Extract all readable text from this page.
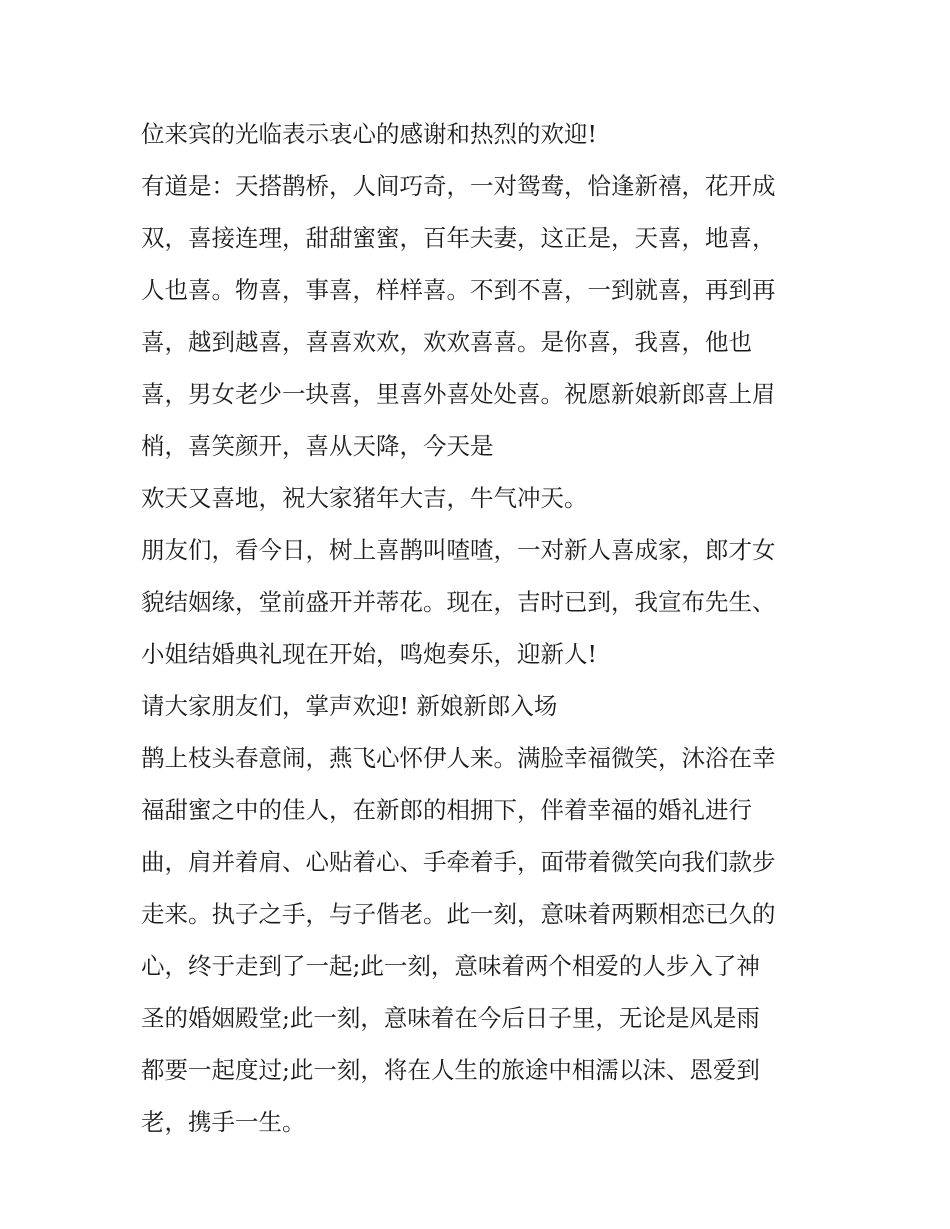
位来宾的光临表示衷心的感谢和热烈的欢迎!
有道是：天搭鹊桥，人间巧奇，一对鸳鸯，恰逢新禧，花开成
双，喜接连理，甜甜蜜蜜，百年夫妻，这正是，天喜，地喜，
人也喜。物喜，事喜，样样喜。不到不喜，一到就喜，再到再
喜，越到越喜，喜喜欢欢，欢欢喜喜。是你喜，我喜，他也
喜，男女老少一块喜，里喜外喜处处喜。祝愿新娘新郎喜上眉
梢，喜笑颜开，喜从天降，今天是
欢天又喜地，祝大家猪年大吉，牛气冲天。
朋友们，看今日，树上喜鹊叫喳喳，一对新人喜成家，郎才女
貌结姻缘，堂前盛开并蒂花。现在，吉时已到，我宣布先生、
小姐结婚典礼现在开始，鸣炮奏乐，迎新人!
请大家朋友们，掌声欢迎! 新娘新郎入场
鹊上枝头春意闹，燕飞心怀伊人来。满脸幸福微笑，沐浴在幸
福甜蜜之中的佳人，在新郎的相拥下，伴着幸福的婚礼进行
曲，肩并着肩、心贴着心、手牵着手，面带着微笑向我们款步
走来。执子之手，与子偕老。此一刻，意味着两颗相恋已久的
心，终于走到了一起;此一刻，意味着两个相爱的人步入了神
圣的婚姻殿堂;此一刻，意味着在今后日子里，无论是风是雨
都要一起度过;此一刻，将在人生的旅途中相濡以沫、恩爱到
老，携手一生。
